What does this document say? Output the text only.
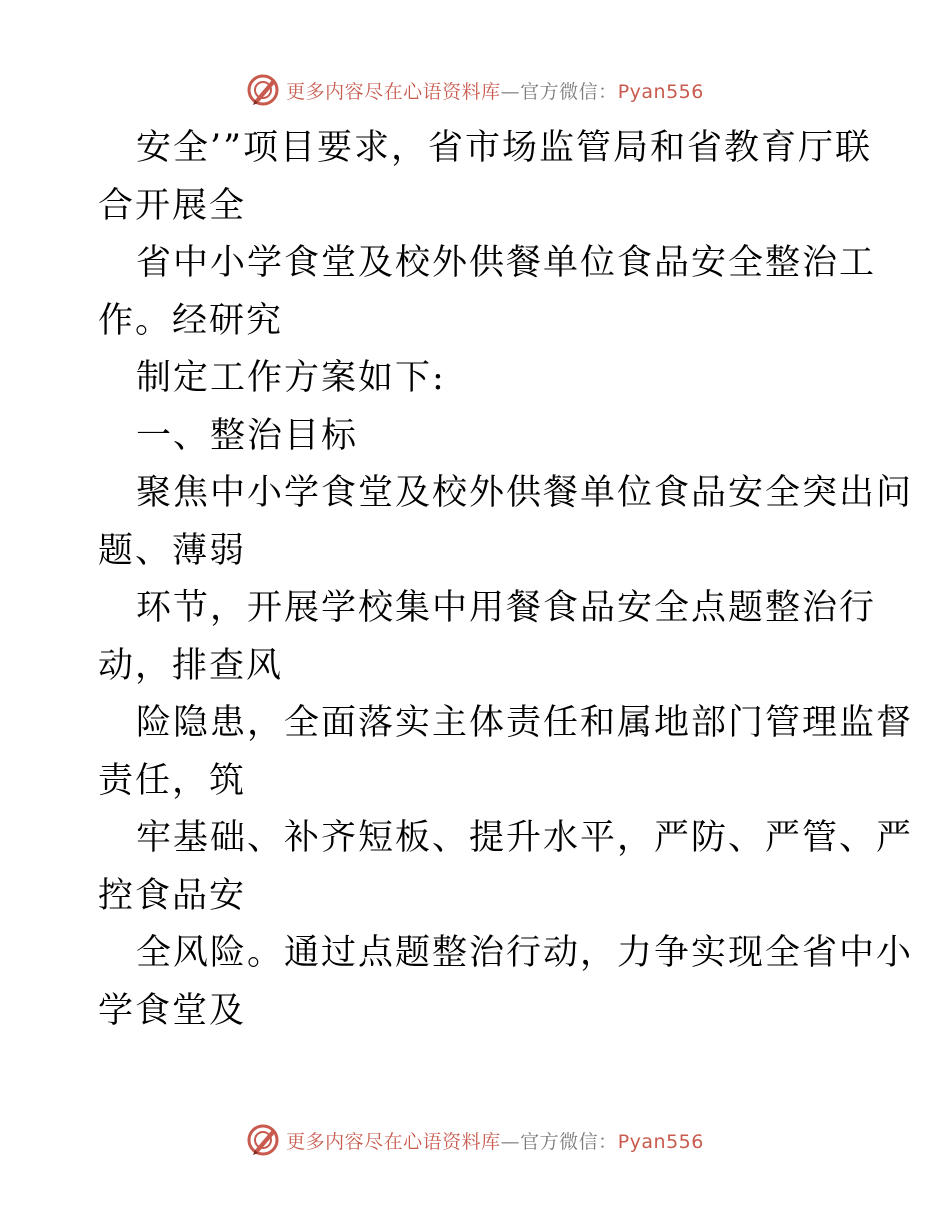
更多内容尽在心语资料库—官方微信：Pyan556
安全’”项目要求，省市场监管局和省教育厅联
合开展全
省中小学食堂及校外供餐单位食品安全整治工
作。经研究
制定工作方案如下:
一、整治目标
聚焦中小学食堂及校外供餐单位食品安全突出问
题、薄弱
环节，开展学校集中用餐食品安全点题整治行
动，排查风
险隐患，全面落实主体责任和属地部门管理监督
责任，筑
牢基础、补齐短板、提升水平，严防、严管、严
控食品安
全风险。通过点题整治行动，力争实现全省中小
学食堂及
更多内容尽在心语资料库—官方微信：Pyan556
